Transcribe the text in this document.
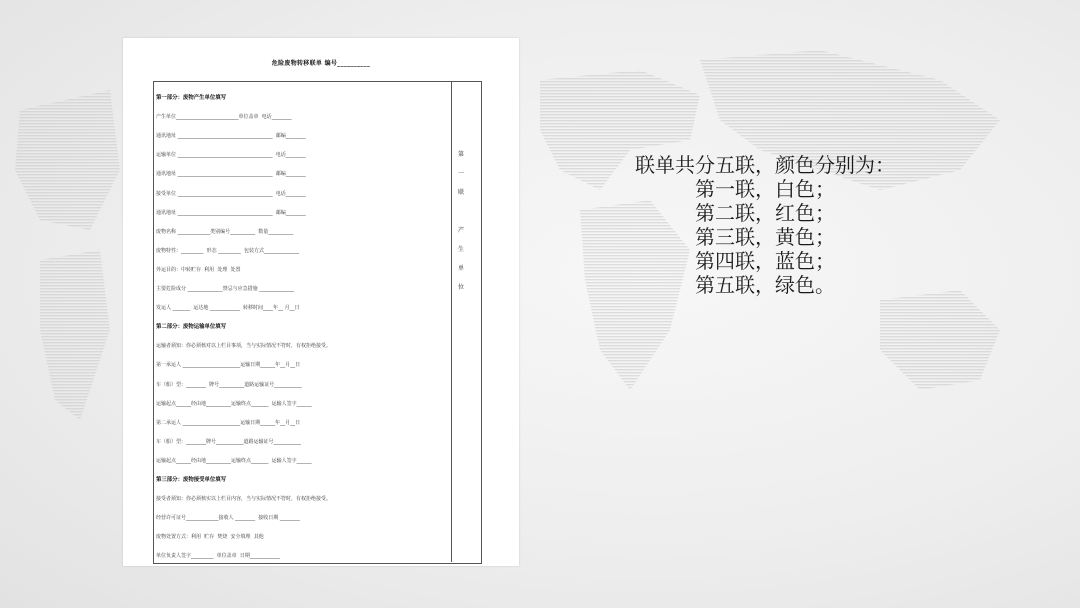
危险废物转移联单 编号__________
第
一
联
产
生
单
位
第一部分：废物产生单位填写
产生单位_________________________单位盖章  电话________
通讯地址 ______________________________________  邮编________
运输单位 ______________________________________  电话________
通讯地址 ______________________________________  邮编________
接受单位 ______________________________________  电话________
通讯地址 ______________________________________  邮编________
废物名称 _____________类别编号__________  数量__________
废物特性：_________  形态 _________  包装方式______________
外运目的：中转贮存  利用  处理  处置
主要危险成分 ______________禁忌与应急措施 ______________
发运人 _______  运达地 ____________  转移时间____年__ 月__日
第二部分：废物运输单位填写
运输者须知：你必须核对以上栏目事项，当与实际情况不符时，有权拒绝接受。
第一承运人 _______________________运输日期______年__月__日
车（船）型：________  牌号__________道路运输证号___________
运输起点______经由地__________运输终点_______  运输人签字______
第二承运人 _______________________运输日期______年__月__日
车（船）型：________牌号___________道路运输证号___________
运输起点______经由地__________运输终点_______  运输人签字______
第三部分：废物接受单位填写
接受者须知：你必须核实以上栏目内容，当与实际情况不符时，有权拒绝接受。
经营许可证号_____________接收人 ________  接收日期 ________
废物处置方式：利用  贮存  焚烧  安全填埋  其他
单位负责人签字_________  单位盖章  日期____________
联单共分五联，颜色分别为：
第一联，白色；
第二联，红色；
第三联，黄色；
第四联，蓝色；
第五联，绿色。
